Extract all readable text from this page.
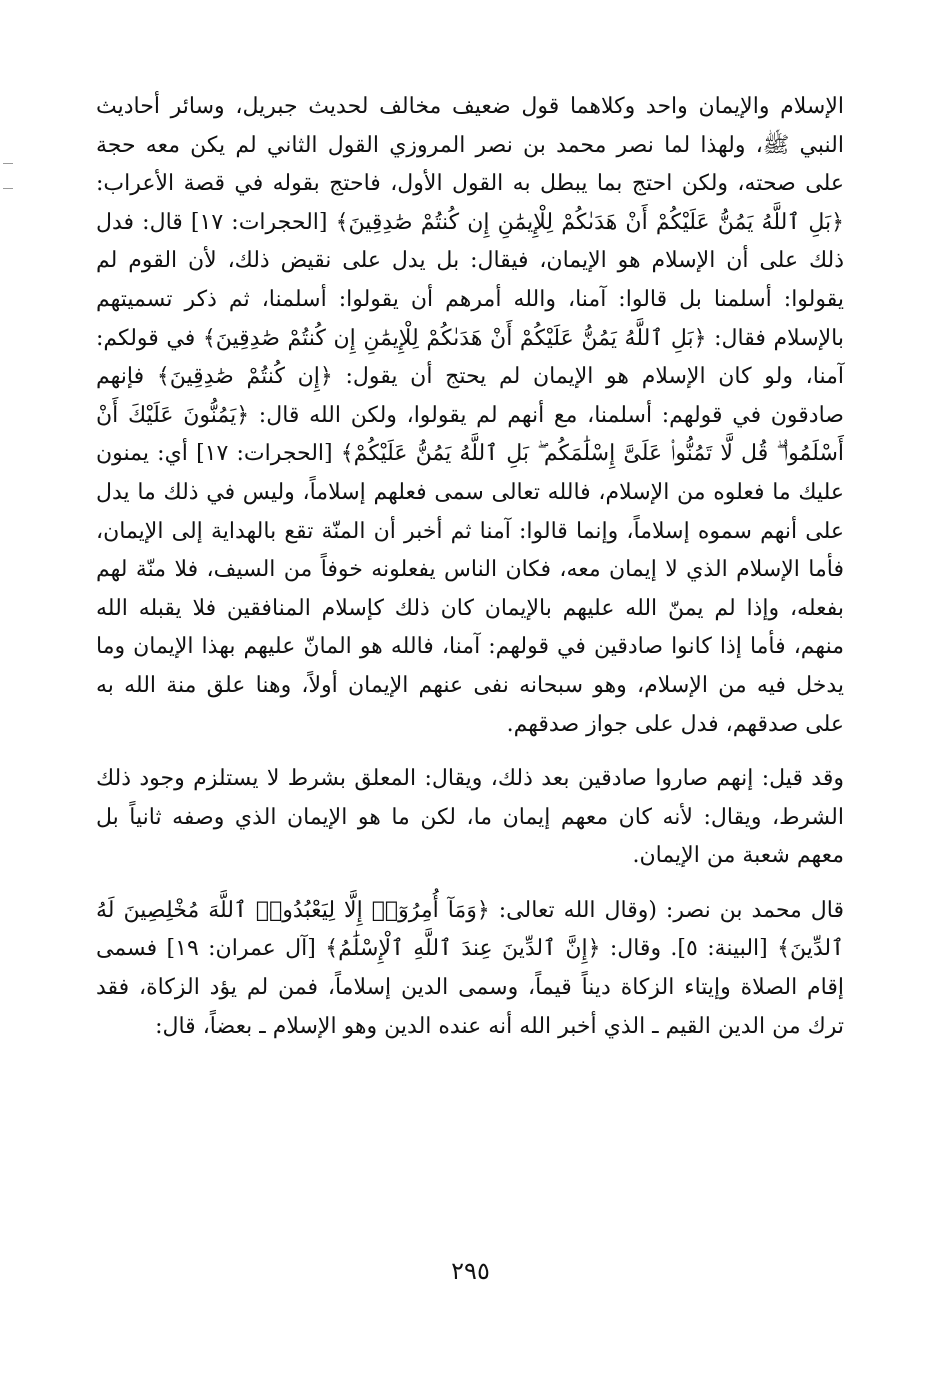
الإسلام والإيمان واحد وكلاهما قول ضعيف مخالف لحديث جبريل، وسائر أحاديث النبي ﷺ، ولهذا لما نصر محمد بن نصر المروزي القول الثاني لم يكن معه حجة على صحته، ولكن احتج بما يبطل به القول الأول، فاحتج بقوله في قصة الأعراب: ﴿بَلِ ٱللَّهُ يَمُنُّ عَلَيْكُمْ أَنْ هَدَىٰكُمْ لِلْإِيمَٰنِ إِن كُنتُمْ صَٰدِقِينَ﴾ [الحجرات: ١٧] قال: فدل ذلك على أن الإسلام هو الإيمان، فيقال: بل يدل على نقيض ذلك، لأن القوم لم يقولوا: أسلمنا بل قالوا: آمنا، والله أمرهم أن يقولوا: أسلمنا، ثم ذكر تسميتهم بالإسلام فقال: ﴿بَلِ ٱللَّهُ يَمُنُّ عَلَيْكُمْ أَنْ هَدَىٰكُمْ لِلْإِيمَٰنِ إِن كُنتُمْ صَٰدِقِينَ﴾ في قولكم: آمنا، ولو كان الإسلام هو الإيمان لم يحتج أن يقول: ﴿إِن كُنتُمْ صَٰدِقِينَ﴾ فإنهم صادقون في قولهم: أسلمنا، مع أنهم لم يقولوا، ولكن الله قال: ﴿يَمُنُّونَ عَلَيْكَ أَنْ أَسْلَمُوا۟ ۖ قُل لَّا تَمُنُّوا۟ عَلَىَّ إِسْلَٰمَكُم ۖ بَلِ ٱللَّهُ يَمُنُّ عَلَيْكُمْ﴾ [الحجرات: ١٧] أي: يمنون عليك ما فعلوه من الإسلام، فالله تعالى سمى فعلهم إسلاماً، وليس في ذلك ما يدل على أنهم سموه إسلاماً، وإنما قالوا: آمنا ثم أخبر أن المنّة تقع بالهداية إلى الإيمان، فأما الإسلام الذي لا إيمان معه، فكان الناس يفعلونه خوفاً من السيف، فلا منّة لهم بفعله، وإذا لم يمنّ الله عليهم بالإيمان كان ذلك كإسلام المنافقين فلا يقبله الله منهم، فأما إذا كانوا صادقين في قولهم: آمنا، فالله هو المانّ عليهم بهذا الإيمان وما يدخل فيه من الإسلام، وهو سبحانه نفى عنهم الإيمان أولاً، وهنا علق منة الله به على صدقهم، فدل على جواز صدقهم.

وقد قيل: إنهم صاروا صادقين بعد ذلك، ويقال: المعلق بشرط لا يستلزم وجود ذلك الشرط، ويقال: لأنه كان معهم إيمان ما، لكن ما هو الإيمان الذي وصفه ثانياً بل معهم شعبة من الإيمان.

قال محمد بن نصر: (وقال الله تعالى: ﴿وَمَآ أُمِرُوٓا۟ إِلَّا لِيَعْبُدُوا۟ ٱللَّهَ مُخْلِصِينَ لَهُ ٱلدِّينَ﴾ [البينة: ٥]. وقال: ﴿إِنَّ ٱلدِّينَ عِندَ ٱللَّهِ ٱلْإِسْلَٰمُ﴾ [آل عمران: ١٩] فسمى إقام الصلاة وإيتاء الزكاة ديناً قيماً، وسمى الدين إسلاماً، فمن لم يؤد الزكاة، فقد ترك من الدين القيم ـ الذي أخبر الله أنه عنده الدين وهو الإسلام ـ بعضاً، قال:

٢٩٥
